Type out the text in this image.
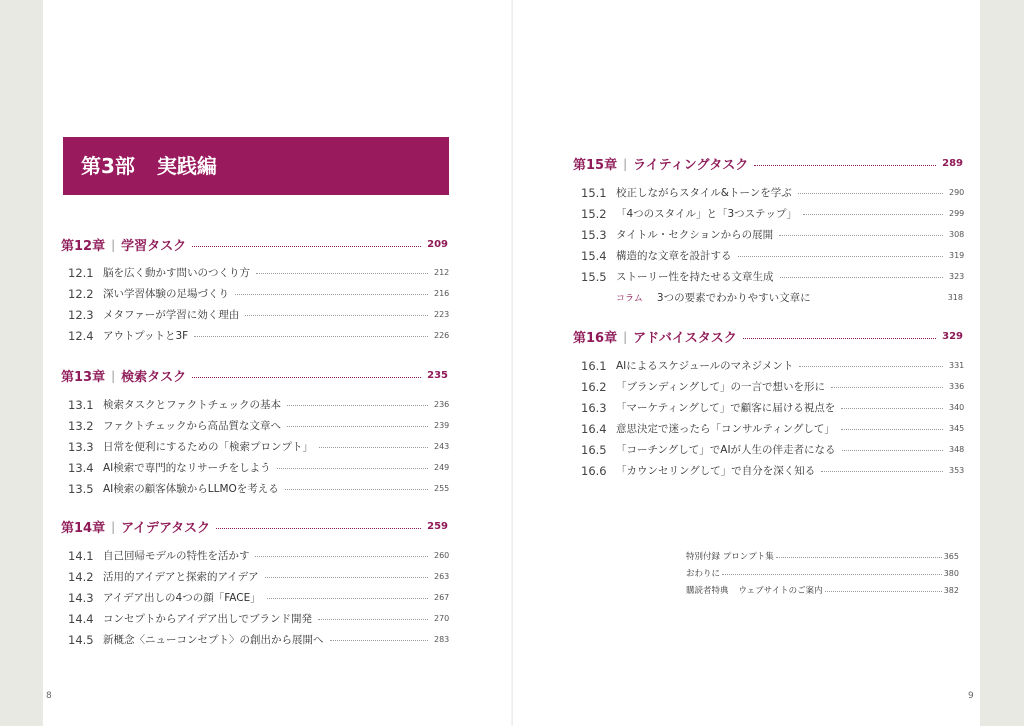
第3部 実践編
第12章 | 学習タスク	209
12.1 脳を広く動かす問いのつくり方	212
12.2 深い学習体験の足場づくり	216
12.3 メタファーが学習に効く理由	223
12.4 アウトプットと3F	226
第13章 | 検索タスク	235
13.1 検索タスクとファクトチェックの基本	236
13.2 ファクトチェックから高品質な文章へ	239
13.3 日常を便利にするための「検索プロンプト」	243
13.4 AI検索で専門的なリサーチをしよう	249
13.5 AI検索の顧客体験からLLMOを考える	255
第14章 | アイデアタスク	259
14.1 自己回帰モデルの特性を活かす	260
14.2 活用的アイデアと探索的アイデア	263
14.3 アイデア出しの4つの顔「FACE」	267
14.4 コンセプトからアイデア出しでブランド開発	270
14.5 新概念〈ニューコンセプト〉の創出から展開へ	283
8
第15章 | ライティングタスク	289
15.1 校正しながらスタイル&トーンを学ぶ	290
15.2 「4つのスタイル」と「3つステップ」	299
15.3 タイトル・セクションからの展開	308
15.4 構造的な文章を設計する	319
15.5 ストーリー性を持たせる文章生成	323
コラム 3つの要素でわかりやすい文章に	318
第16章 | アドバイスタスク	329
16.1 AIによるスケジュールのマネジメント	331
16.2 「ブランディングして」の一言で想いを形に	336
16.3 「マーケティングして」で顧客に届ける視点を	340
16.4 意思決定で迷ったら「コンサルティングして」	345
16.5 「コーチングして」でAIが人生の伴走者になる	348
16.6 「カウンセリングして」で自分を深く知る	353
特別付録 プロンプト集	365
おわりに	380
購読者特典 ウェブサイトのご案内	382
9
